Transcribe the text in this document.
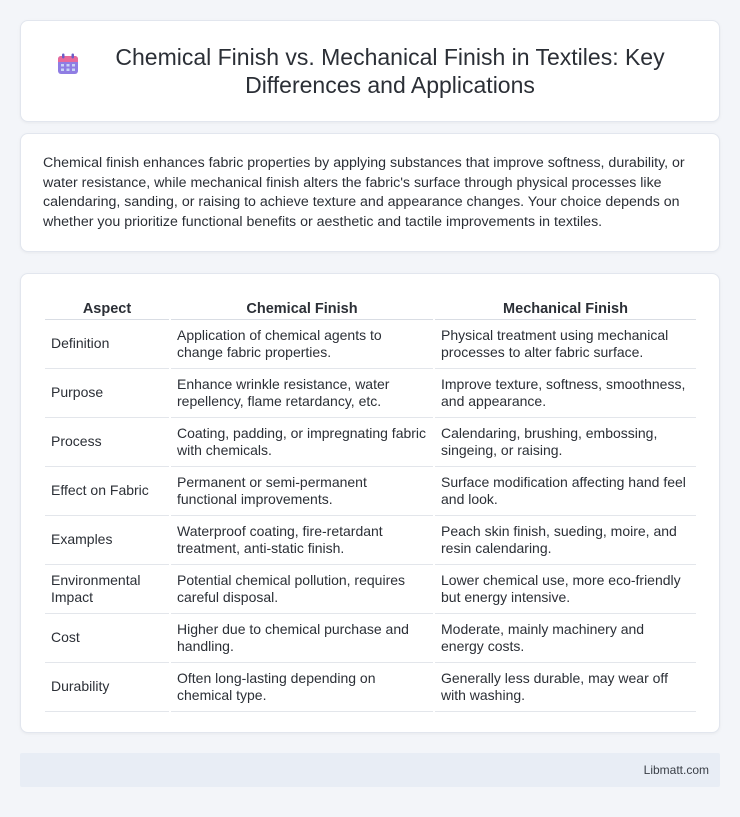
Chemical Finish vs. Mechanical Finish in Textiles: Key Differences and Applications

Chemical finish enhances fabric properties by applying substances that improve softness, durability, or water resistance, while mechanical finish alters the fabric's surface through physical processes like calendaring, sanding, or raising to achieve texture and appearance changes. Your choice depends on whether you prioritize functional benefits or aesthetic and tactile improvements in textiles.

Aspect	Chemical Finish	Mechanical Finish
Definition	Application of chemical agents to change fabric properties.	Physical treatment using mechanical processes to alter fabric surface.
Purpose	Enhance wrinkle resistance, water repellency, flame retardancy, etc.	Improve texture, softness, smoothness, and appearance.
Process	Coating, padding, or impregnating fabric with chemicals.	Calendaring, brushing, embossing, singeing, or raising.
Effect on Fabric	Permanent or semi-permanent functional improvements.	Surface modification affecting hand feel and look.
Examples	Waterproof coating, fire-retardant treatment, anti-static finish.	Peach skin finish, sueding, moire, and resin calendaring.
Environmental Impact	Potential chemical pollution, requires careful disposal.	Lower chemical use, more eco-friendly but energy intensive.
Cost	Higher due to chemical purchase and handling.	Moderate, mainly machinery and energy costs.
Durability	Often long-lasting depending on chemical type.	Generally less durable, may wear off with washing.
Libmatt.com
